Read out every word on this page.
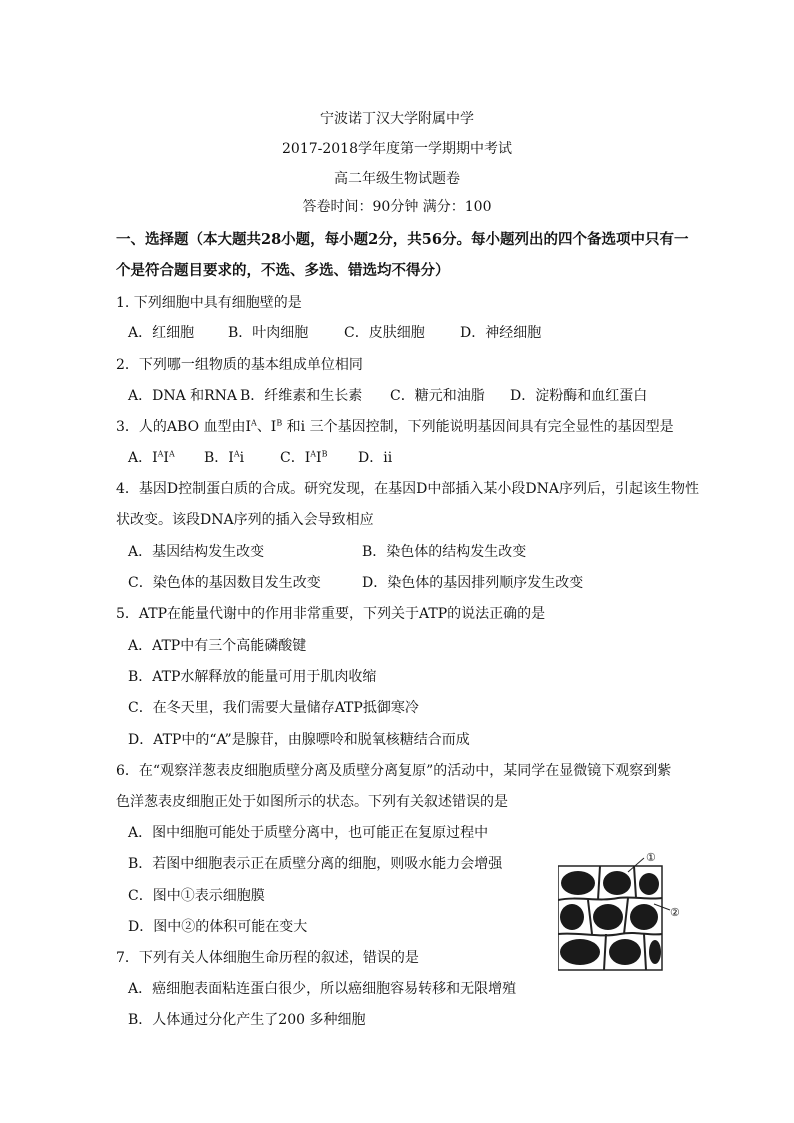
宁波诺丁汉大学附属中学
2017-2018学年度第一学期期中考试
高二年级生物试题卷
答卷时间：90分钟 满分：100
一、选择题（本大题共28小题，每小题2分，共56分。每小题列出的四个备选项中只有一
个是符合题目要求的，不选、多选、错选均不得分）
1. 下列细胞中具有细胞壁的是
A．红细胞 B．叶肉细胞	C．皮肤细胞	D．神经细胞
2．下列哪一组物质的基本组成单位相同
A．DNA 和RNA B．纤维素和生长素 C．糖元和油脂 D．淀粉酶和血红蛋白
3．人的ABO 血型由$I^A$、$I^B$ 和i 三个基因控制，下列能说明基因间具有完全显性的基因型是
A．$I^AI^A$ B．$I^Ai$	C．$I^AI^B$ D．ii
4．基因D控制蛋白质的合成。研究发现，在基因D中部插入某小段DNA序列后，引起该生物性
状改变。该段DNA序列的插入会导致相应
A．基因结构发生改变	B．染色体的结构发生改变
C．染色体的基因数目发生改变	D．染色体的基因排列顺序发生改变
5．ATP在能量代谢中的作用非常重要，下列关于ATP的说法正确的是
A．ATP中有三个高能磷酸键
B．ATP水解释放的能量可用于肌肉收缩
C．在冬天里，我们需要大量储存ATP抵御寒冷
D．ATP中的“A”是腺苷，由腺嘌呤和脱氧核糖结合而成
6．在“观察洋葱表皮细胞质壁分离及质壁分离复原”的活动中，某同学在显微镜下观察到紫
色洋葱表皮细胞正处于如图所示的状态。下列有关叙述错误的是
A．图中细胞可能处于质壁分离中，也可能正在复原过程中
B．若图中细胞表示正在质壁分离的细胞，则吸水能力会增强
C．图中①表示细胞膜
D．图中②的体积可能在变大
①
②
7．下列有关人体细胞生命历程的叙述，错误的是
A．癌细胞表面粘连蛋白很少，所以癌细胞容易转移和无限增殖
B．人体通过分化产生了200 多种细胞
